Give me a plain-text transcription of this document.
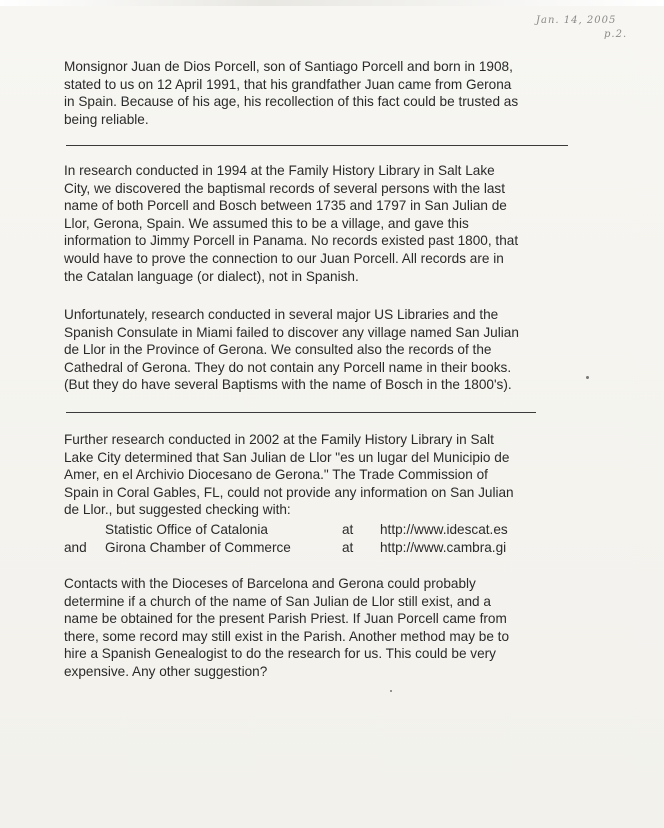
Jan. 14, 2005
p.2.
Monsignor Juan de Dios Porcell, son of Santiago Porcell and born in 1908,
stated to us on 12 April 1991, that his grandfather Juan came from Gerona
in Spain. Because of his age, his recollection of this fact could be trusted as
being reliable.
In research conducted in 1994 at the Family History Library in Salt Lake
City, we discovered the baptismal records of several persons with the last
name of both Porcell and Bosch between 1735 and 1797 in San Julian de
Llor, Gerona, Spain. We assumed this to be a village, and gave this
information to Jimmy Porcell in Panama. No records existed past 1800, that
would have to prove the connection to our Juan Porcell. All records are in
the Catalan language (or dialect), not in Spanish.
Unfortunately, research conducted in several major US Libraries and the
Spanish Consulate in Miami failed to discover any village named San Julian
de Llor in the Province of Gerona. We consulted also the records of the
Cathedral of Gerona. They do not contain any Porcell name in their books.
(But they do have several Baptisms with the name of Bosch in the 1800's).
Further research conducted in 2002 at the Family History Library in Salt
Lake City determined that San Julian de Llor "es un lugar del Municipio de
Amer, en el Archivio Diocesano de Gerona." The Trade Commission of
Spain in Coral Gables, FL, could not provide any information on San Julian
de Llor., but suggested checking with:
Statistic Office of Catalonia	at http://www.idescat.es
and Girona Chamber of Commerce	at http://www.cambra.gi
Contacts with the Dioceses of Barcelona and Gerona could probably
determine if a church of the name of San Julian de Llor still exist, and a
name be obtained for the present Parish Priest. If Juan Porcell came from
there, some record may still exist in the Parish. Another method may be to
hire a Spanish Genealogist to do the research for us. This could be very
expensive. Any other suggestion?
